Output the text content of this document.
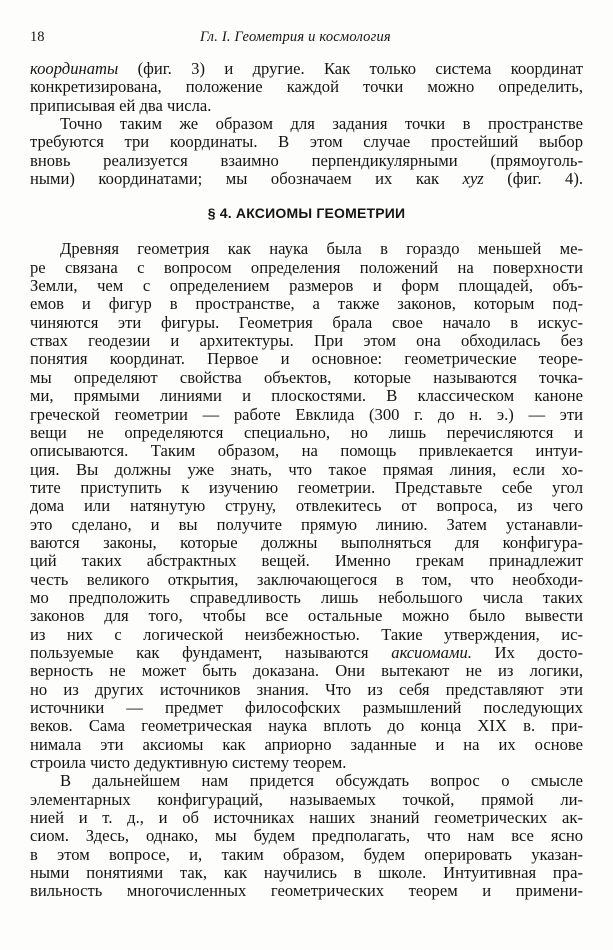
18	Гл. I. Геометрия и космология
координаты (фиг. 3) и другие. Как только система координат
конкретизирована, положение каждой точки можно определить,
приписывая ей два числа.
Точно таким же образом для задания точки в пространстве
требуются три координаты. В этом случае простейший выбор
вновь реализуется взаимно перпендикулярными (прямоуголь-
ными) координатами; мы обозначаем их как xyz (фиг. 4).
§ 4. АКСИОМЫ ГЕОМЕТРИИ
Древняя геометрия как наука была в гораздо меньшей ме-
ре связана с вопросом определения положений на поверхности
Земли, чем с определением размеров и форм площадей, объ-
емов и фигур в пространстве, а также законов, которым под-
чиняются эти фигуры. Геометрия брала свое начало в искус-
ствах геодезии и архитектуры. При этом она обходилась без
понятия координат. Первое и основное: геометрические теоре-
мы определяют свойства объектов, которые называются точка-
ми, прямыми линиями и плоскостями. В классическом каноне
греческой геометрии — работе Евклида (300 г. до н. э.) — эти
вещи не определяются специально, но лишь перечисляются и
описываются. Таким образом, на помощь привлекается интуи-
ция. Вы должны уже знать, что такое прямая линия, если хо-
тите приступить к изучению геометрии. Представьте себе угол
дома или натянутую струну, отвлекитесь от вопроса, из чего
это сделано, и вы получите прямую линию. Затем устанавли-
ваются законы, которые должны выполняться для конфигура-
ций таких абстрактных вещей. Именно грекам принадлежит
честь великого открытия, заключающегося в том, что необходи-
мо предположить справедливость лишь небольшого числа таких
законов для того, чтобы все остальные можно было вывести
из них с логической неизбежностью. Такие утверждения, ис-
пользуемые как фундамент, называются аксиомами. Их досто-
верность не может быть доказана. Они вытекают не из логики,
но из других источников знания. Что из себя представляют эти
источники — предмет философских размышлений последующих
веков. Сама геометрическая наука вплоть до конца XIX в. при-
нимала эти аксиомы как априорно заданные и на их основе
строила чисто дедуктивную систему теорем.
В дальнейшем нам придется обсуждать вопрос о смысле
элементарных конфигураций, называемых точкой, прямой ли-
нией и т. д., и об источниках наших знаний геометрических ак-
сиом. Здесь, однако, мы будем предполагать, что нам все ясно
в этом вопросе, и, таким образом, будем оперировать указан-
ными понятиями так, как научились в школе. Интуитивная пра-
вильность многочисленных геометрических теорем и примени-
